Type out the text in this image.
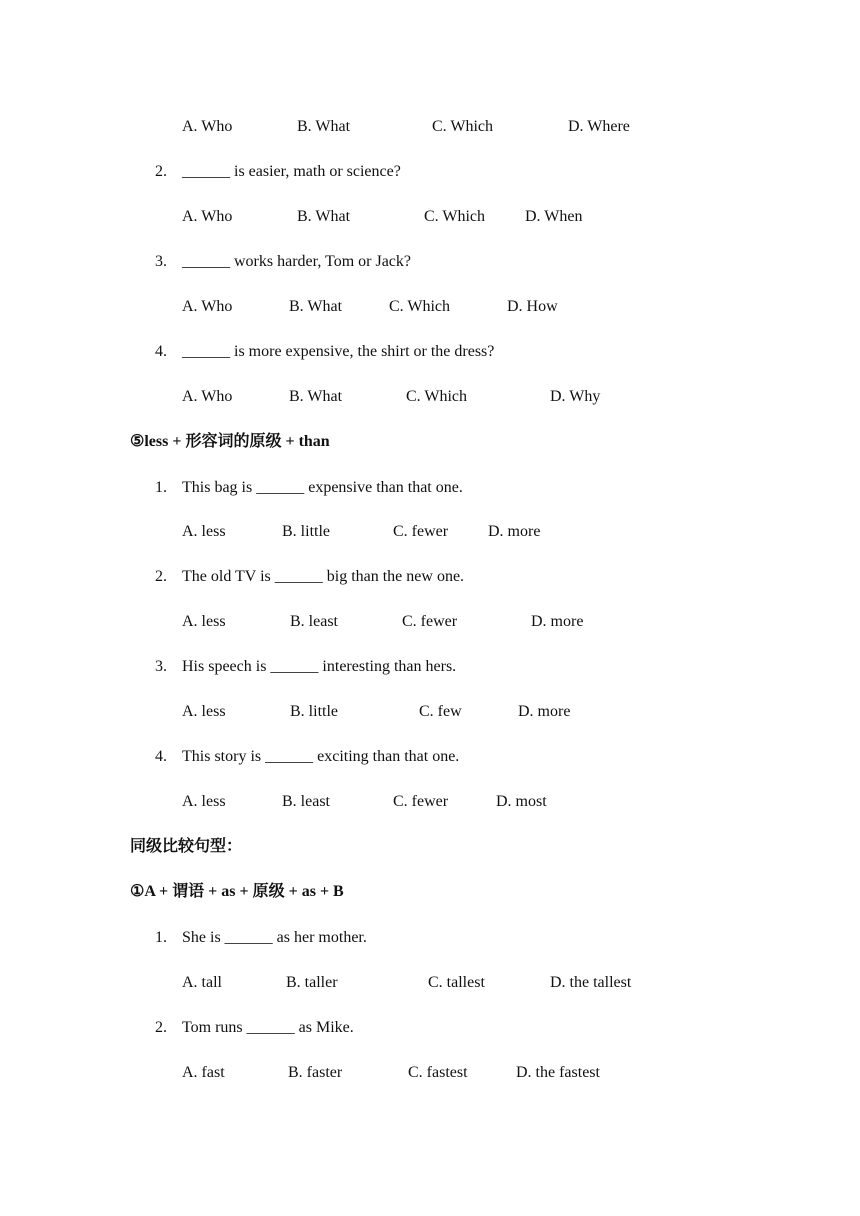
A. Who	B. What	C. Which	D. Where
2. ______ is easier, math or science?
A. Who	B. What	C. Which D. When
3. ______ works harder, Tom or Jack?
A. Who	B. What	C. Which	D. How
4. ______ is more expensive, the shirt or the dress?
A. Who	B. What	C. Which	D. Why
⑤less + 形容词的原级 + than
1. This bag is ______ expensive than that one.
A. less	B. little	C. fewer D. more
2. The old TV is ______ big than the new one.
A. less	B. least	C. fewer	D. more
3. His speech is ______ interesting than hers.
A. less	B. little	C. few	D. more
4. This story is ______ exciting than that one.
A. less	B. least	C. fewer	D. most
同级比较句型：
①A + 谓语 + as + 原级 + as + B
1. She is ______ as her mother.
A. tall	B. taller	C. tallest	D. the tallest
2. Tom runs ______ as Mike.
A. fast	B. faster	C. fastest	D. the fastest
